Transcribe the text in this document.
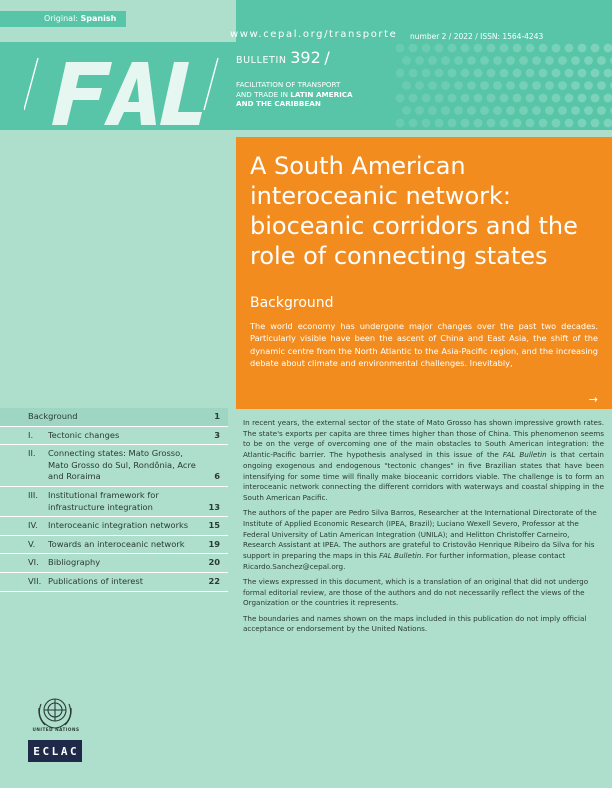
Original: Spanish
www.cepal.org/transporte number 2 / 2022 / ISSN: 1564-4243
BULLETIN 392 /
FACILITATION OF TRANSPORT
AND TRADE IN LATIN AMERICA
AND THE CARIBBEAN
A South American interoceanic network: bioceanic corridors and the role of connecting states
Background

The world economy has undergone major changes over the past two decades. Particularly visible have been the ascent of China and East Asia, the shift of the dynamic centre from the North Atlantic to the Asia-Pacific region, and the increasing debate about climate and environmental challenges. Inevitably,

→
Background	1
I.	Tectonic changes	3
II.	Connecting states: Mato Grosso, Mato Grosso do Sul, Rondônia, Acre and Roraima	6
III.	Institutional framework for infrastructure integration	13
IV.	Interoceanic integration networks	15
V.	Towards an interoceanic network	19
VI.	Bibliography	20
VII. Publications of interest	22

In recent years, the external sector of the state of Mato Grosso has shown impressive growth rates. The state's exports per capita are three times higher than those of China. This phenomenon seems to be on the verge of overcoming one of the main obstacles to South American integration: the Atlantic-Pacific barrier. The hypothesis analysed in this issue of the FAL Bulletin is that certain ongoing exogenous and endogenous "tectonic changes" in five Brazilian states that have been intensifying for some time will finally make bioceanic corridors viable. The challenge is to form an interoceanic network connecting the different corridors with waterways and coastal shipping in the South American Pacific.

The authors of the paper are Pedro Silva Barros, Researcher at the International Directorate of the Institute of Applied Economic Research (IPEA, Brazil); Luciano Wexell Severo, Professor at the Federal University of Latin American Integration (UNILA); and Helitton Christoffer Carneiro, Research Assistant at IPEA. The authors are grateful to Cristovão Henrique Ribeiro da Silva for his support in preparing the maps in this FAL Bulletin. For further information, please contact Ricardo.Sanchez@cepal.org.

The views expressed in this document, which is a translation of an original that did not undergo formal editorial review, are those of the authors and do not necessarily reflect the views of the Organization or the countries it represents.

The boundaries and names shown on the maps included in this publication do not imply official acceptance or endorsement by the United Nations.

UNITED NATIONS
E C L A C
